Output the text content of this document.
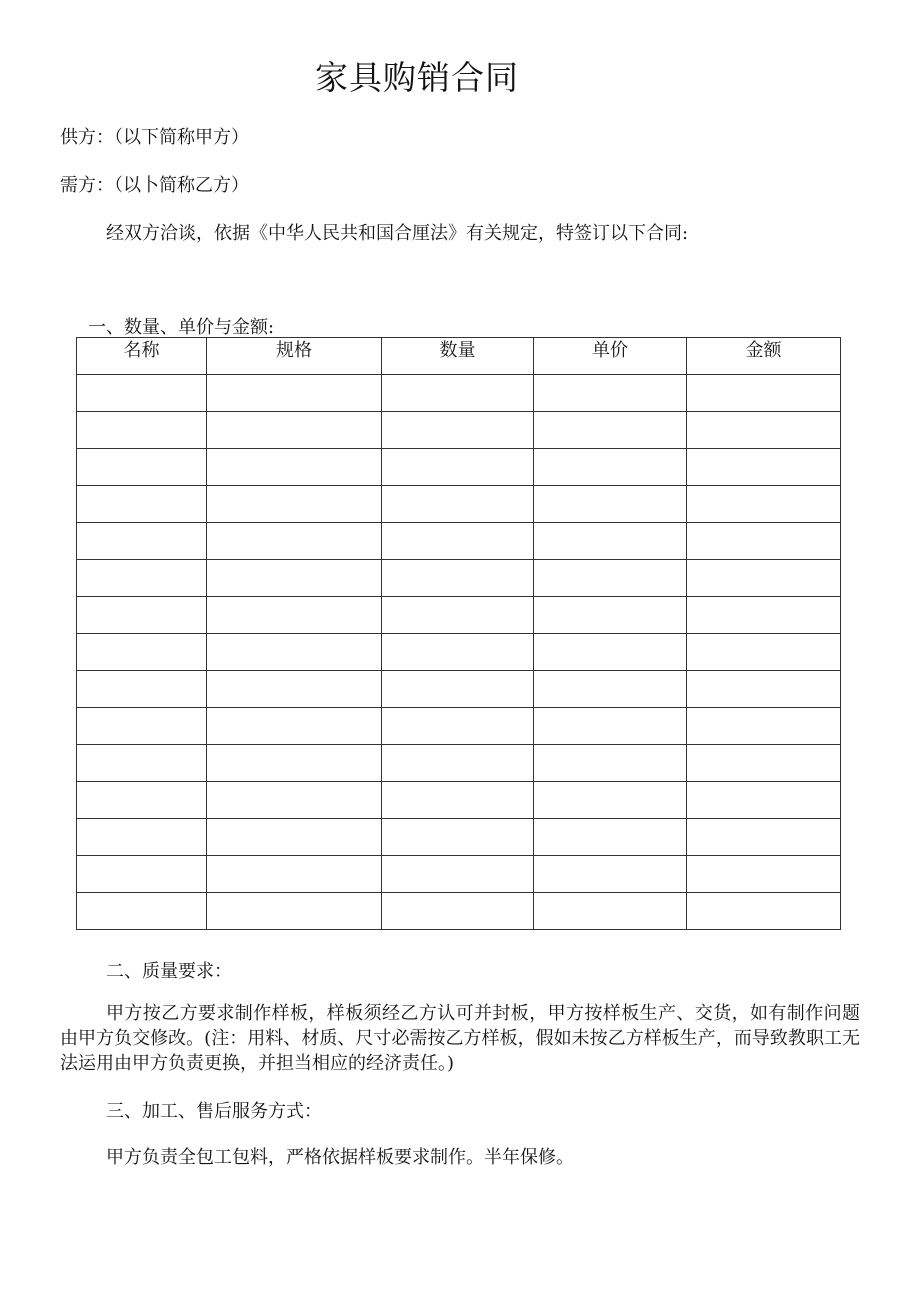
家具购销合同
供方：（以下简称甲方）
需方：（以卜简称乙方）
经双方洽谈，依据《中华人民共和国合厘法》有关规定，特签订以下合同:
一、数量、单价与金额:
名称	规格	数量	单价	金额

二、质量要求：
甲方按乙方要求制作样板，样板须经乙方认可并封板，甲方按样板生产、交货，如有制作问题由甲方负交修改。(注：用料、材质、尺寸必需按乙方样板，假如未按乙方样板生产，而导致教职工无法运用由甲方负责更换，并担当相应的经济责任。)
三、加工、售后服务方式：
甲方负责全包工包料，严格依据样板要求制作。半年保修。
